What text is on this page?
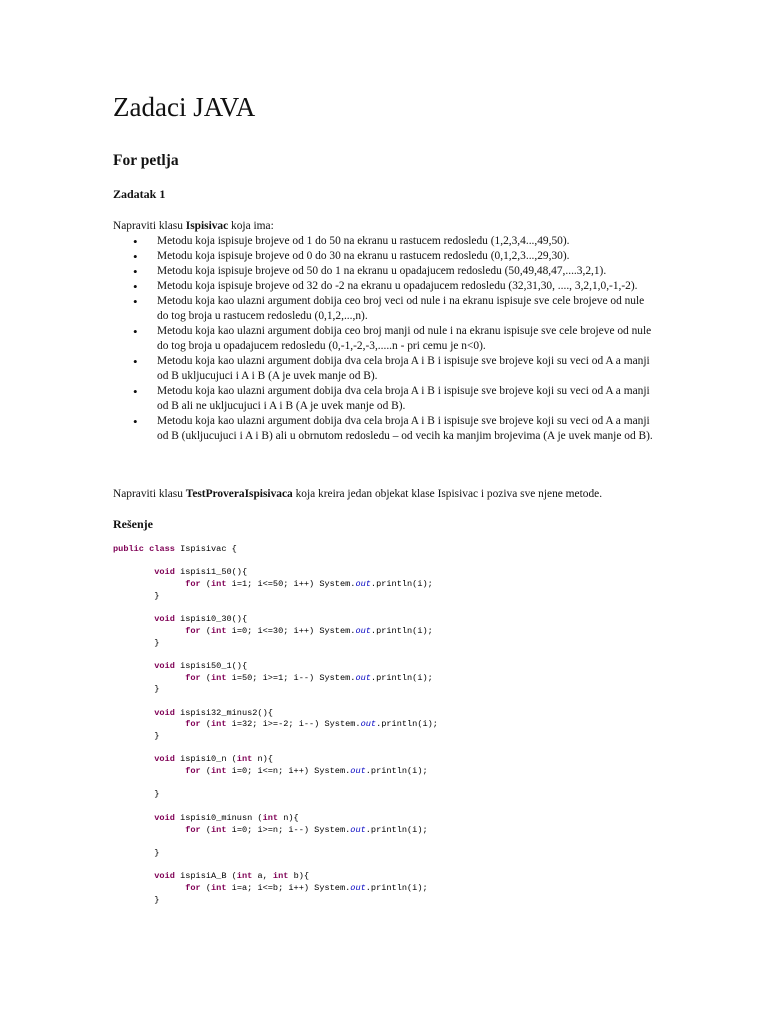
Zadaci JAVA
For petlja
Zadatak 1

Napraviti klasu Ispisivac koja ima:

• Metodu koja ispisuje brojeve od 1 do 50 na ekranu u rastucem redosledu (1,2,3,4...,49,50).
• Metodu koja ispisuje brojeve od 0 do 30 na ekranu u rastucem redosledu (0,1,2,3...,29,30).
• Metodu koja ispisuje brojeve od 50 do 1 na ekranu u opadajucem redosledu (50,49,48,47,....3,2,1).
• Metodu koja ispisuje brojeve od 32 do -2 na ekranu u opadajucem redosledu (32,31,30, ...., 3,2,1,0,-1,-2).
• Metodu koja kao ulazni argument dobija ceo broj veci od nule i na ekranu ispisuje sve cele brojeve od nule do tog broja u rastucem redosledu (0,1,2,...,n).
• Metodu koja kao ulazni argument dobija ceo broj manji od nule i na ekranu ispisuje sve cele brojeve od nule do tog broja u opadajucem redosledu (0,-1,-2,-3,.....n - pri cemu je n<0).
• Metodu koja kao ulazni argument dobija dva cela broja A i B i ispisuje sve brojeve koji su veci od A a manji od B ukljucujuci i A i B (A je uvek manje od B).
• Metodu koja kao ulazni argument dobija dva cela broja A i B i ispisuje sve brojeve koji su veci od A a manji od B ali ne ukljucujuci i A i B (A je uvek manje od B).
• Metodu koja kao ulazni argument dobija dva cela broja A i B i ispisuje sve brojeve koji su veci od A a manji od B (ukljucujuci i A i B) ali u obrnutom redosledu – od vecih ka manjim brojevima (A je uvek manje od B).

Napraviti klasu TestProveraIspisivaca koja kreira jedan objekat klase Ispisivac i poziva sve njene metode.

Rešenje
public class Ispisivac {

void ispisi1_50(){
for (int i=1; i<=50; i++) System.out.println(i);
}

void ispisi0_30(){
for (int i=0; i<=30; i++) System.out.println(i);
}

void ispisi50_1(){
for (int i=50; i>=1; i--) System.out.println(i);
}

void ispisi32_minus2(){
for (int i=32; i>=-2; i--) System.out.println(i);
}

void ispisi0_n (int n){
for (int i=0; i<=n; i++) System.out.println(i);

}

void ispisi0_minusn (int n){
for (int i=0; i>=n; i--) System.out.println(i);

}

void ispisiA_B (int a, int b){
for (int i=a; i<=b; i++) System.out.println(i);
}
